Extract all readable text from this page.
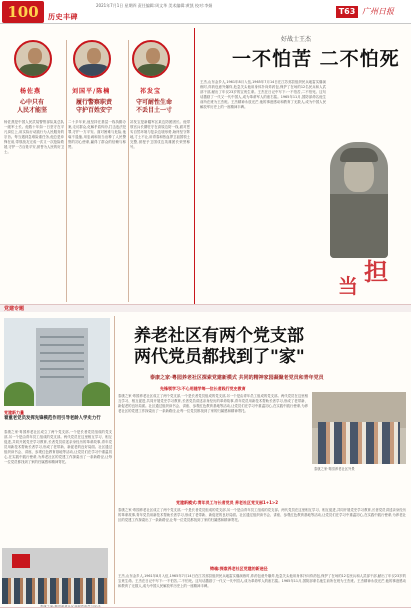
100	历史丰碑
2021年7月1日 星期四 责任编辑:周文华 美术编辑:黄凯 校对:李娟
T63 广州日报
杨佐燕	刘国平/陈楠	祁发宝
心中只有
人民才能坚
履行警察职责
守护百姓安宁
守可耐性生命
不丢目土一寸
杨佐燕是中国人民武装警察部队某总队一级军士长。他数十年如一日坚守在平凡岗位上,用实际行动践行为人民服务的宗旨。每当遇到急难险重任务,他总是冲锋在前,带领战友完成一次又一次抢险救援,守护一方百姓平安,被誉为人民的好卫士。
二十多年来,他坚持在基层一线执勤办案,走访群众,化解矛盾纠纷,打击违法犯罪,守护一方平安。面对困难与危险,他毫不退缩,用忠诚和担当诠释了人民警察的初心使命,赢得了群众的信赖与称赞。
祁发宝是新疆军区某边防团团长。他带领官兵长期驻守在高原边防一线,面对恶劣自然环境与复杂边境形势,始终坚守阵地,寸土不让,用青春和热血捍卫祖国领土完整,被授予卫国戍边英雄团长荣誉称号。
好战士王杰
一不怕苦 二不怕死
王杰,山东金乡人,1961年8月入伍,1965年7月14日在江苏邳县组织民兵地雷实爆演练时,炸药包意外爆炸,危急关头他用身体扑向炸药包,保护了在场的12名民兵和人武部干部,献出了年仅23岁的宝贵生命。王杰在日记中写下:一不怕苦,二不怕死。这句话激励了一代又一代中国人,成为革命军人的座右铭。1965年11月,国防部命名他生前所在班为王杰班。王杰精神永放光芒,他的事迹感动和教育了无数人,成为中国人民解放军历史上的一座精神丰碑。
担
当
党建专题
党建新力量
着重老党员发挥先锋模范作用引导老龄人学史力行
泰康之家·粤园养老社区成立了两个党支部,一个是长者党员组成的党支部,另一个是由青年员工组成的党支部。两代党员在这里相互学习、相互促进,共同开展党史学习教育,长者党员讲述亲身经历的革命故事,青年党员用新技术帮助长者学习,形成了老带新、新促老的良好局面。社区通过组织读书会、讲座、参观红色教育基地等活动,让党员们在学习中重温初心,在实践中践行使命,为养老社区的党建工作探索出了一条新路径,让每一位党员都找到了家的归属感和精神寄托。
养老社区有两个党支部
两代党员都找到了"家"
泰康之家·粤园养老社区探索党建新模式 共同的精神家园凝聚老党员和青年党员
先锋领学习:不心用随学每一位长者践行党史教育
泰康之家·粤园养老社区成立了两个党支部,一个是长者党员组成的党支部,另一个是由青年员工组成的党支部。两代党员在这里相互学习、相互促进,共同开展党史学习教育,长者党员讲述亲身经历的革命故事,青年党员用新技术帮助长者学习,形成了老带新、新促老的良好局面。社区通过组织读书会、讲座、参观红色教育基地等活动,让党员们在学习中重温初心,在实践中践行使命,为养老社区的党建工作探索出了一条新路径,让每一位党员都找到了家的归属感和精神寄托。
泰康之家·粤园养老社区外景
党建新模式:青年员工与长者党员 养老社区党支部1+1>2
泰康之家·粤园养老社区成立了两个党支部,一个是长者党员组成的党支部,另一个是由青年员工组成的党支部。两代党员在这里相互学习、相互促进,共同开展党史学习教育,长者党员讲述亲身经历的革命故事,青年党员用新技术帮助长者学习,形成了老带新、新促老的良好局面。社区通过组织读书会、讲座、参观红色教育基地等活动,让党员们在学习中重温初心,在实践中践行使命,为养老社区的党建工作探索出了一条新路径,让每一位党员都找到了家的归属感和精神寄托。
铸魂:探索养老社区党建的新途径
王杰,山东金乡人,1961年8月入伍,1965年7月14日在江苏邳县组织民兵地雷实爆演练时,炸药包意外爆炸,危急关头他用身体扑向炸药包,保护了在场的12名民兵和人武部干部,献出了年仅23岁的宝贵生命。王杰在日记中写下:一不怕苦,二不怕死。这句话激励了一代又一代中国人,成为革命军人的座右铭。1965年11月,国防部命名他生前所在班为王杰班。王杰精神永放光芒,他的事迹感动和教育了无数人,成为中国人民解放军历史上的一座精神丰碑。
